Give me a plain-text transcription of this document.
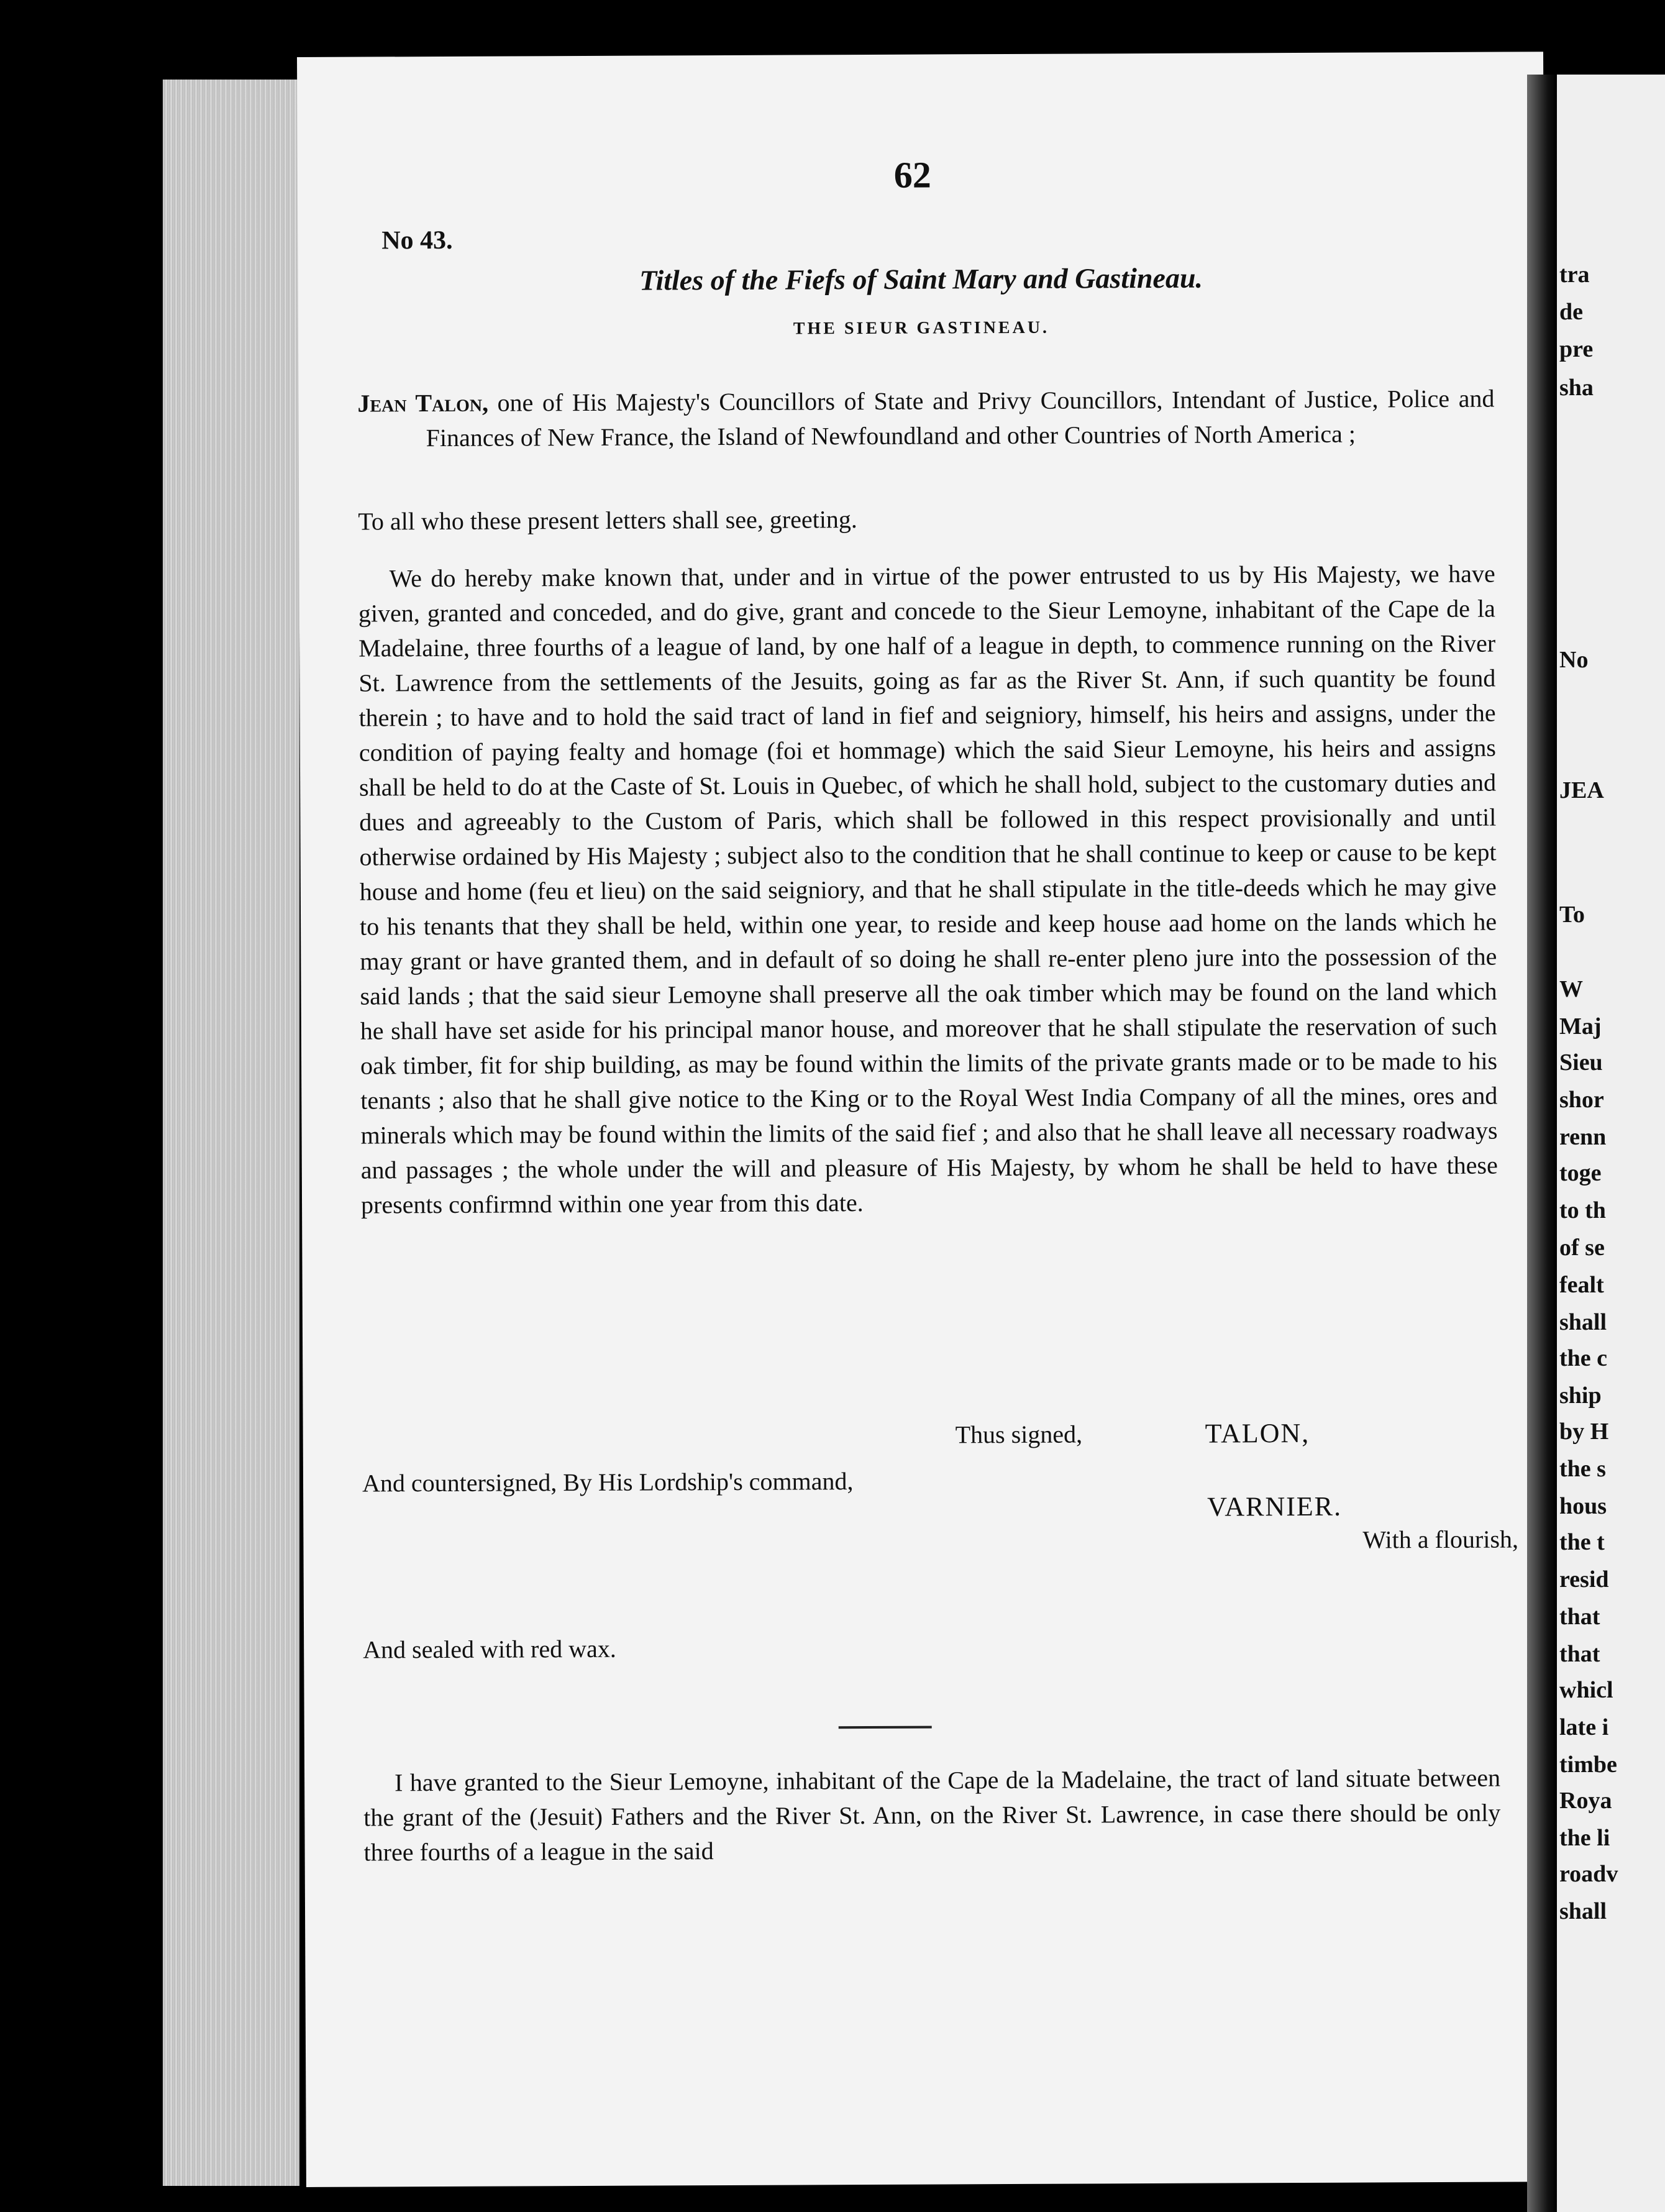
62
No 43.
Titles of the Fiefs of Saint Mary and Gastineau.
THE SIEUR GASTINEAU.
Jean Talon, one of His Majesty's Councillors of State and Privy Councillors, Intendant of Justice, Police and Finances of New France, the Island of Newfoundland and other Countries of North America ;
To all who these present letters shall see, greeting.
We do hereby make known that, under and in virtue of the power entrusted to us by His Majesty, we have given, granted and conceded, and do give, grant and concede to the Sieur Lemoyne, inhabitant of the Cape de la Madelaine, three fourths of a league of land, by one half of a league in depth, to commence running on the River St. Lawrence from the settlements of the Jesuits, going as far as the River St. Ann, if such quantity be found therein ; to have and to hold the said tract of land in fief and seigniory, himself, his heirs and assigns, under the condition of paying fealty and homage (foi et hommage) which the said Sieur Lemoyne, his heirs and assigns shall be held to do at the Caste of St. Louis in Quebec, of which he shall hold, subject to the customary duties and dues and agreeably to the Custom of Paris, which shall be followed in this respect provisionally and until otherwise ordained by His Majesty ; subject also to the condition that he shall continue to keep or cause to be kept house and home (feu et lieu) on the said seigniory, and that he shall stipulate in the title-deeds which he may give to his tenants that they shall be held, within one year, to reside and keep house aad home on the lands which he may grant or have granted them, and in default of so doing he shall re-enter pleno jure into the possession of the said lands ; that the said sieur Lemoyne shall preserve all the oak timber which may be found on the land which he shall have set aside for his principal manor house, and moreover that he shall stipulate the reservation of such oak timber, fit for ship building, as may be found within the limits of the private grants made or to be made to his tenants ; also that he shall give notice to the King or to the Royal West India Company of all the mines, ores and minerals which may be found within the limits of the said fief ; and also that he shall leave all necessary roadways and passages ; the whole under the will and pleasure of His Majesty, by whom he shall be held to have these presents confirmnd within one year from this date.
Thus signed,	TALON,
And countersigned, By His Lordship's command,
VARNIER.
With a flourish,
And sealed with red wax.
I have granted to the Sieur Lemoyne, inhabitant of the Cape de la Madelaine, the tract of land situate between the grant of the (Jesuit) Fathers and the River St. Ann, on the River St. Lawrence, in case there should be only three fourths of a league in the said
tra
de
pre
sha
No
JEA
To
W
Maj
Sieu
shor
renn
toge
to th
of se
fealt
shall
the c
ship
by H
the s
hous
the t
resid
that
that
whicl
late i
timbe
Roya
the li
roadv
shall
